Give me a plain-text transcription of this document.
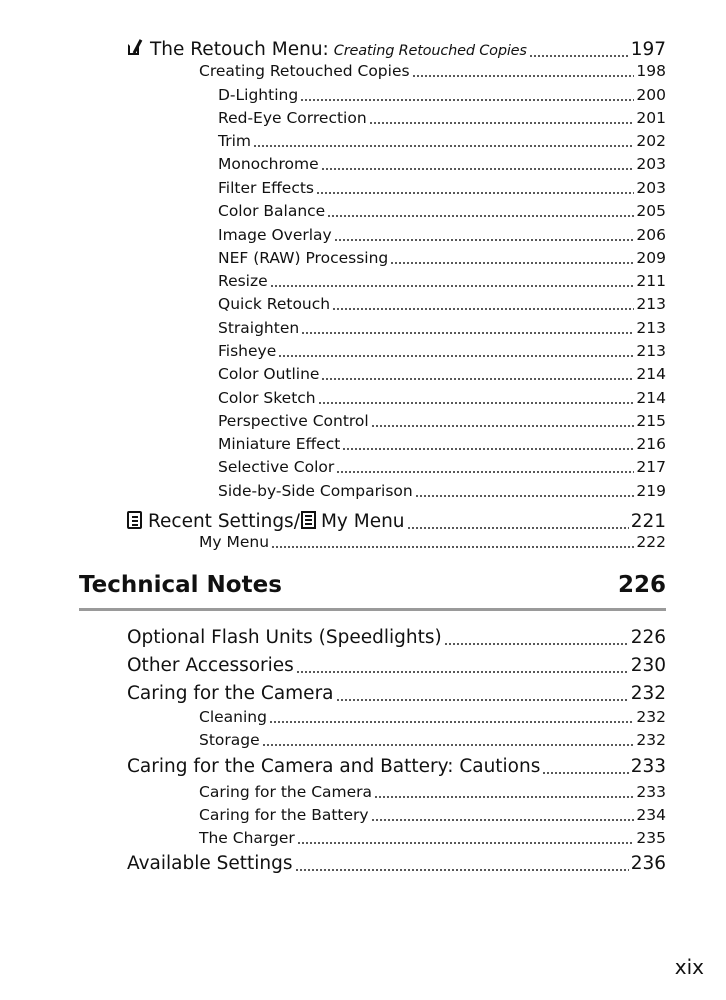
The Retouch Menu: Creating Retouched Copies	197
Creating Retouched Copies	198
D-Lighting	200
Red-Eye Correction	201
Trim	202
Monochrome	203
Filter Effects	203
Color Balance	205
Image Overlay	206
NEF (RAW) Processing	209
Resize	211
Quick Retouch	213
Straighten	213
Fisheye	213
Color Outline	214
Color Sketch	214
Perspective Control	215
Miniature Effect	216
Selective Color	217
Side-by-Side Comparison	219
Recent Settings/ My Menu	221
My Menu	222
Technical Notes	226
Optional Flash Units (Speedlights)	226
Other Accessories	230
Caring for the Camera	232
Cleaning	232
Storage	232
Caring for the Camera and Battery: Cautions	233
Caring for the Camera	233
Caring for the Battery	234
The Charger	235
Available Settings	236
xix
